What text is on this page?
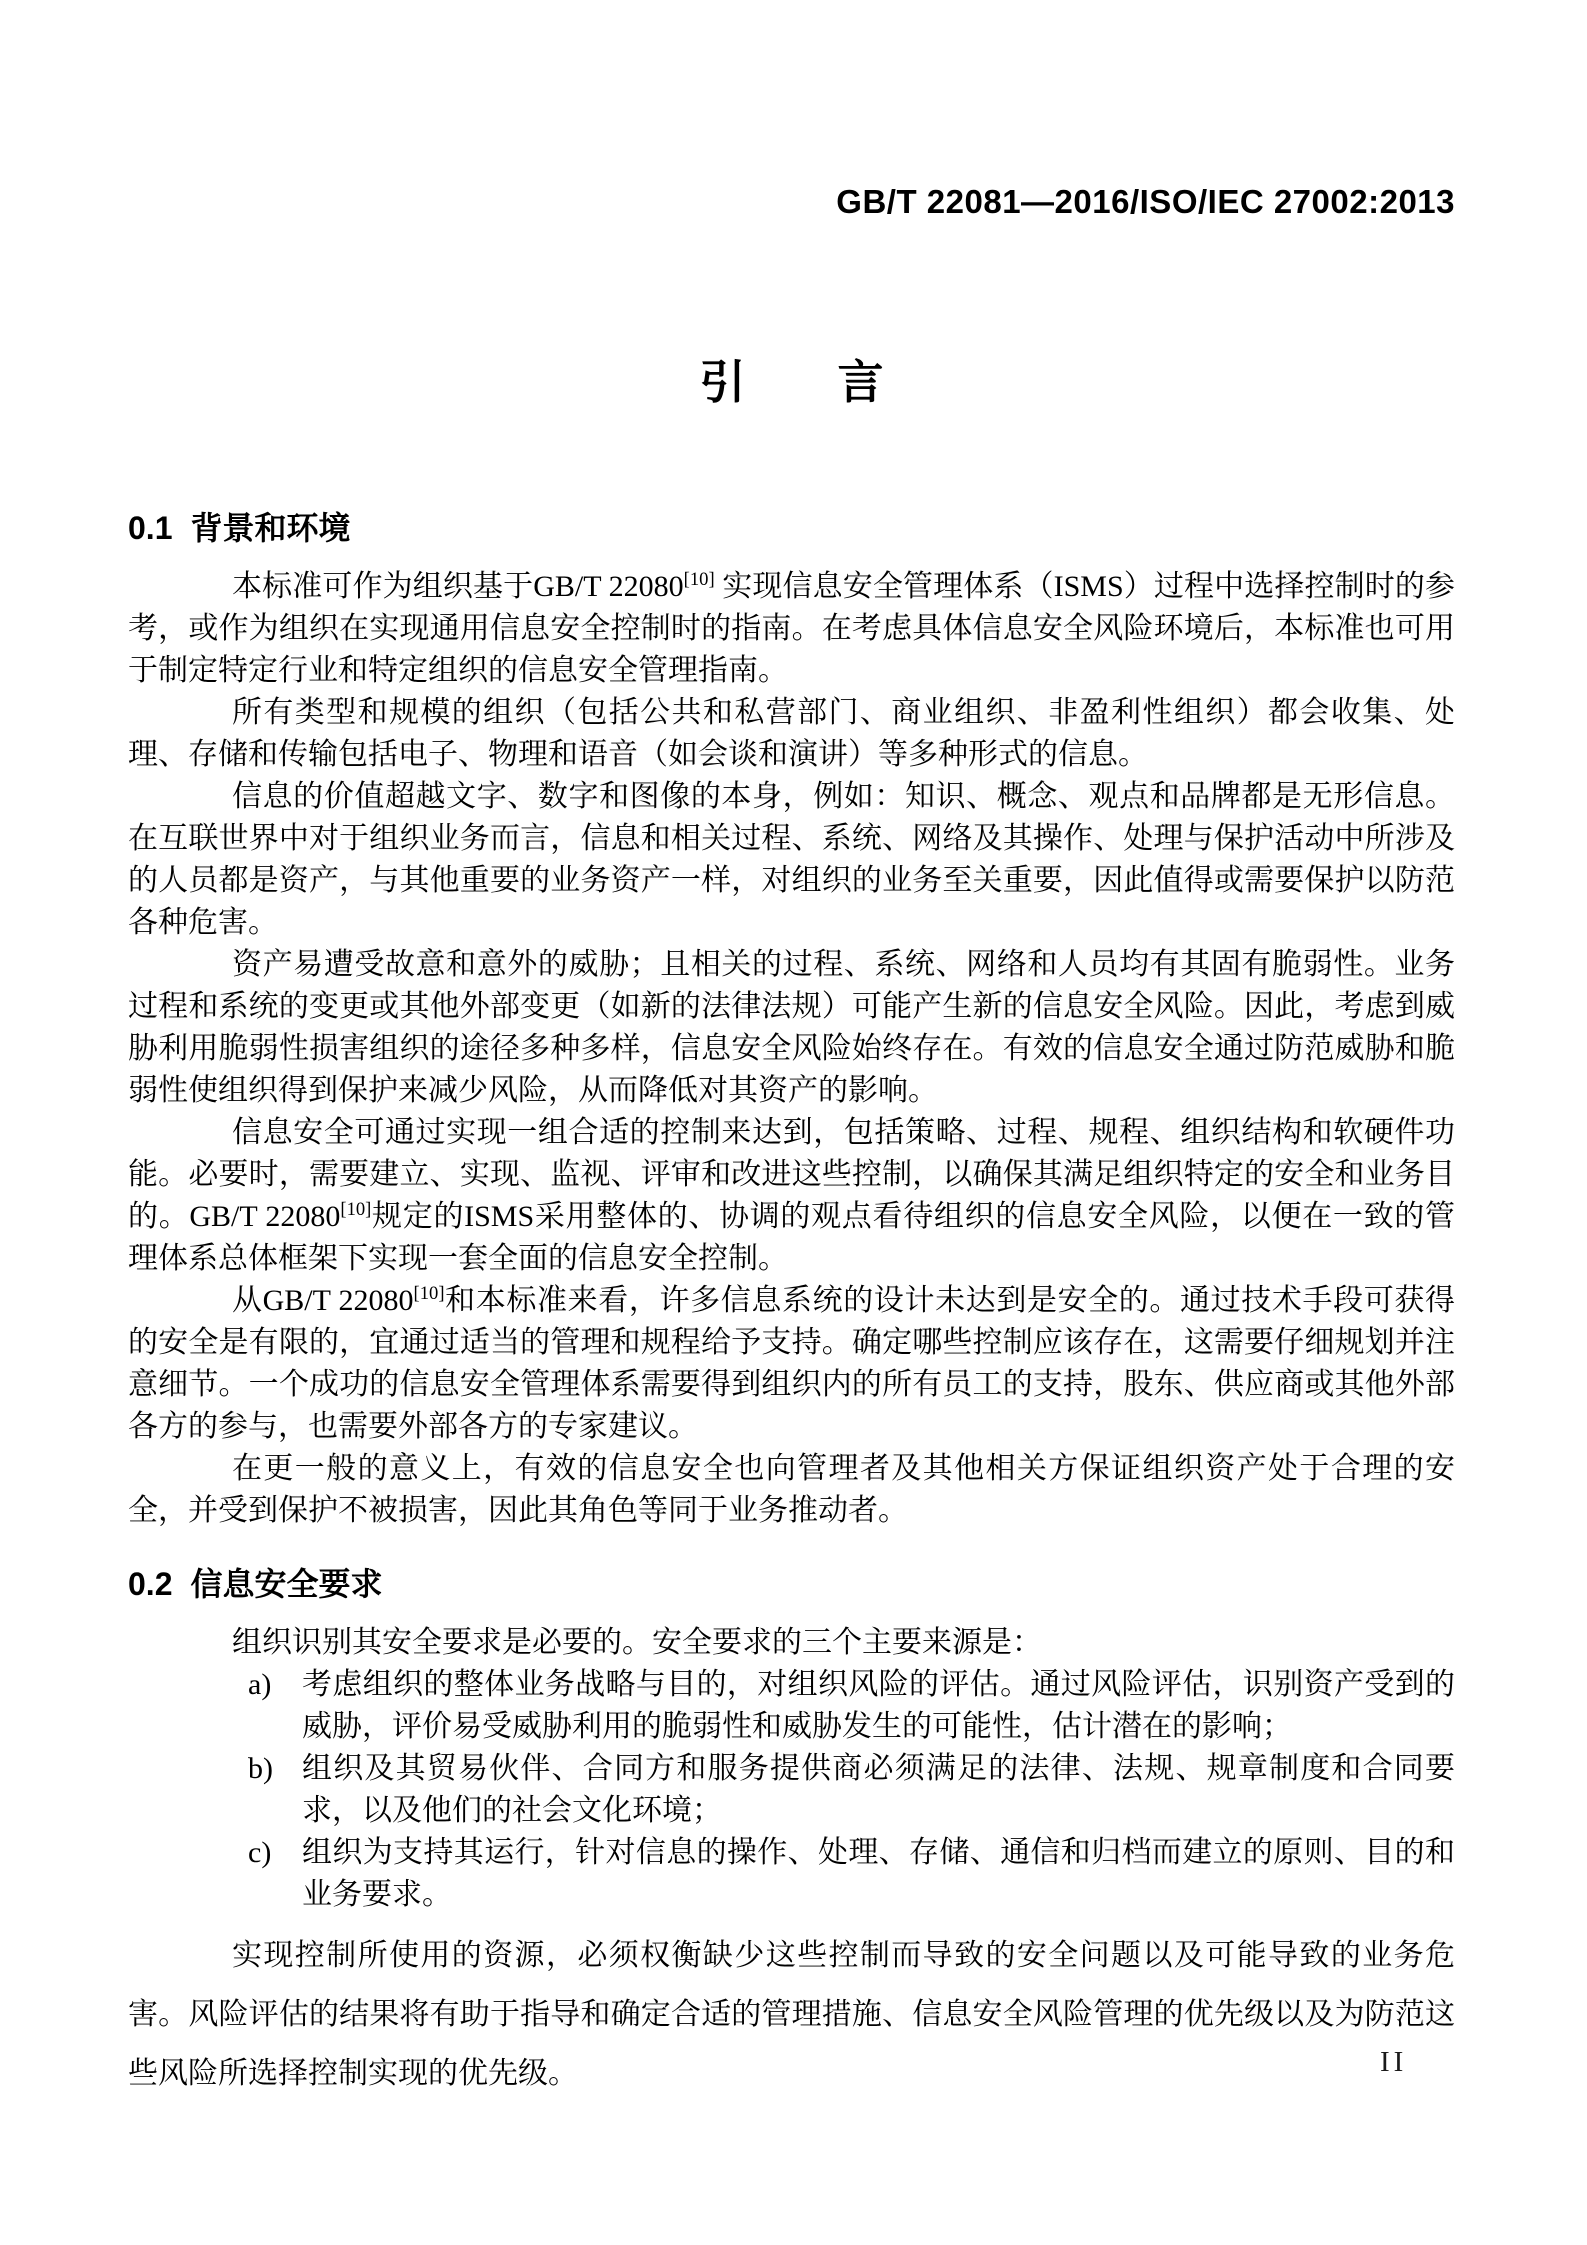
GB/T 22081—2016/ISO/IEC 27002:2013
引　　言
0.1 背景和环境

本标准可作为组织基于GB/T 22080[10] 实现信息安全管理体系（ISMS）过程中选择控制时的参考，或作为组织在实现通用信息安全控制时的指南。在考虑具体信息安全风险环境后，本标准也可用于制定特定行业和特定组织的信息安全管理指南。

所有类型和规模的组织（包括公共和私营部门、商业组织、非盈利性组织）都会收集、处理、存储和传输包括电子、物理和语音（如会谈和演讲）等多种形式的信息。

信息的价值超越文字、数字和图像的本身，例如：知识、概念、观点和品牌都是无形信息。在互联世界中对于组织业务而言，信息和相关过程、系统、网络及其操作、处理与保护活动中所涉及的人员都是资产，与其他重要的业务资产一样，对组织的业务至关重要，因此值得或需要保护以防范各种危害。

资产易遭受故意和意外的威胁；且相关的过程、系统、网络和人员均有其固有脆弱性。业务过程和系统的变更或其他外部变更（如新的法律法规）可能产生新的信息安全风险。因此，考虑到威胁利用脆弱性损害组织的途径多种多样，信息安全风险始终存在。有效的信息安全通过防范威胁和脆弱性使组织得到保护来减少风险，从而降低对其资产的影响。

信息安全可通过实现一组合适的控制来达到，包括策略、过程、规程、组织结构和软硬件功能。必要时，需要建立、实现、监视、评审和改进这些控制，以确保其满足组织特定的安全和业务目的。GB/T 22080[10]规定的ISMS采用整体的、协调的观点看待组织的信息安全风险，以便在一致的管理体系总体框架下实现一套全面的信息安全控制。

从GB/T 22080[10]和本标准来看，许多信息系统的设计未达到是安全的。通过技术手段可获得的安全是有限的，宜通过适当的管理和规程给予支持。确定哪些控制应该存在，这需要仔细规划并注意细节。一个成功的信息安全管理体系需要得到组织内的所有员工的支持，股东、供应商或其他外部各方的参与，也需要外部各方的专家建议。

在更一般的意义上，有效的信息安全也向管理者及其他相关方保证组织资产处于合理的安全，并受到保护不被损害，因此其角色等同于业务推动者。

0.2 信息安全要求

组织识别其安全要求是必要的。安全要求的三个主要来源是：

a)	考虑组织的整体业务战略与目的，对组织风险的评估。通过风险评估，识别资产受到的威胁，评价易受威胁利用的脆弱性和威胁发生的可能性，估计潜在的影响；
b) 组织及其贸易伙伴、合同方和服务提供商必须满足的法律、法规、规章制度和合同要求，以及他们的社会文化环境；
c)	组织为支持其运行，针对信息的操作、处理、存储、通信和归档而建立的原则、目的和业务要求。

实现控制所使用的资源，必须权衡缺少这些控制而导致的安全问题以及可能导致的业务危害。风险评估的结果将有助于指导和确定合适的管理措施、信息安全风险管理的优先级以及为防范这些风险所选择控制实现的优先级。	II
